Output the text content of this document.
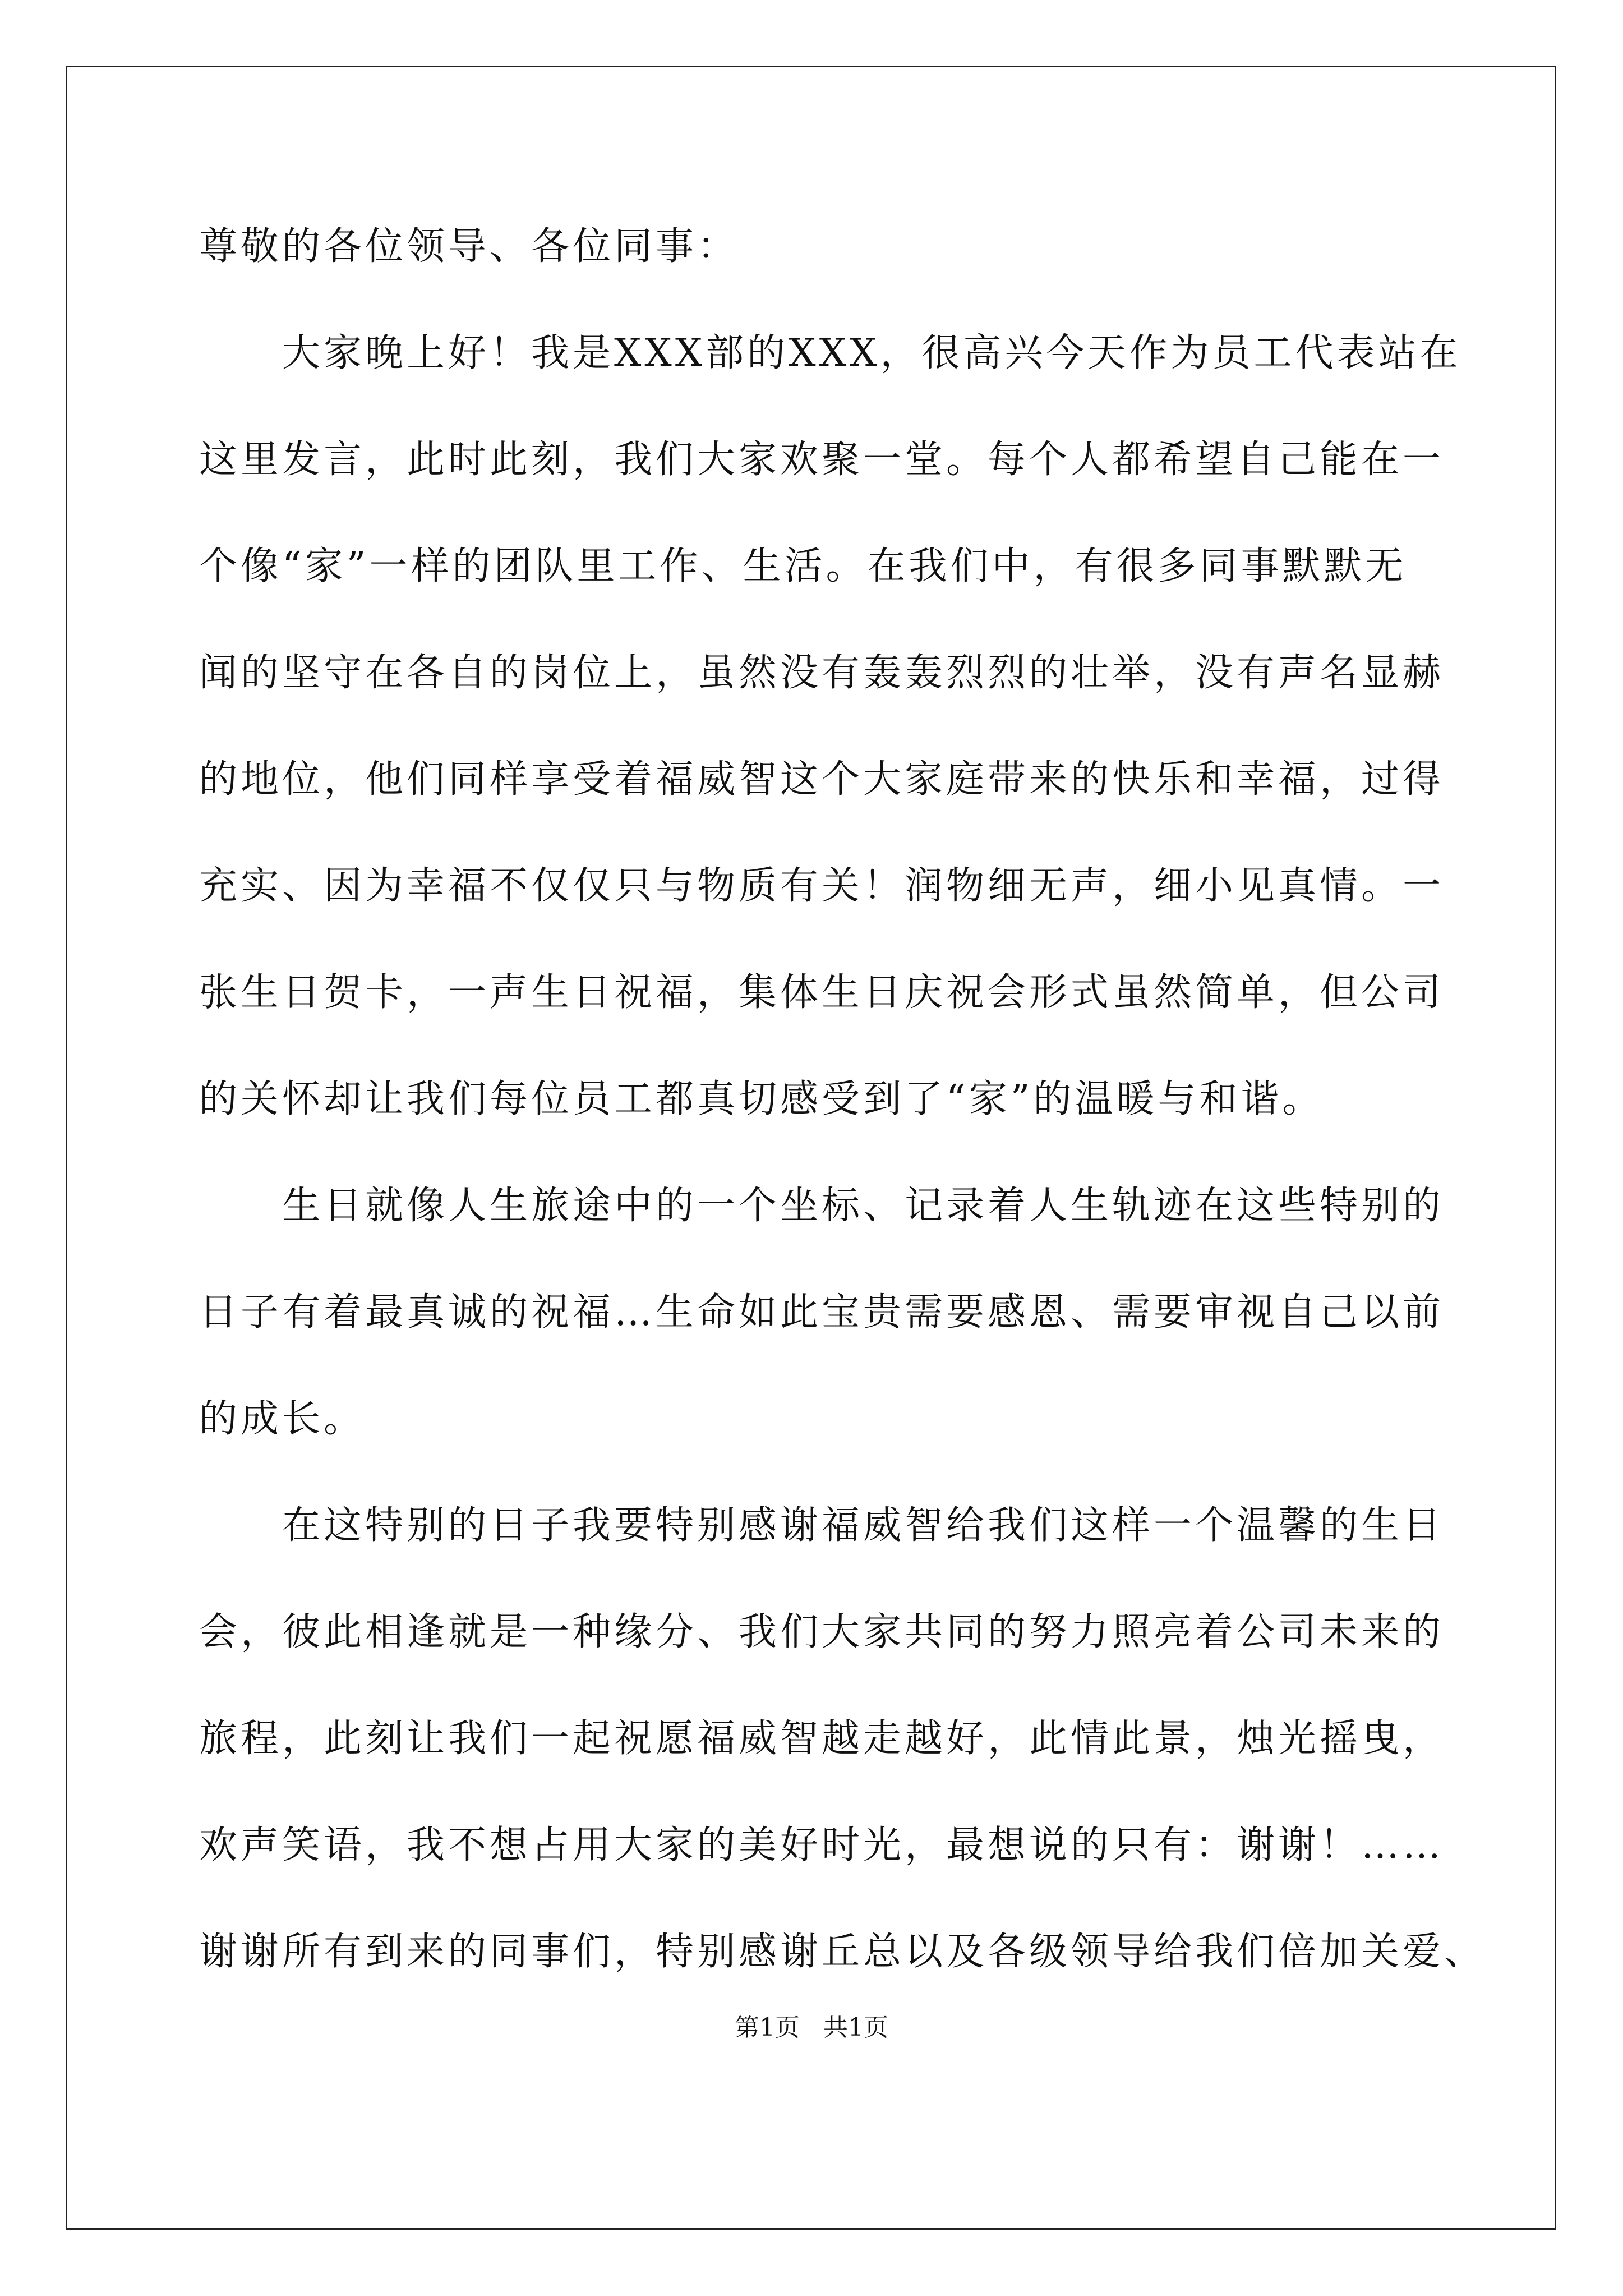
尊敬的各位领导、各位同事：
　　大家晚上好！我是XXX部的XXX，很高兴今天作为员工代表站在
这里发言，此时此刻，我们大家欢聚一堂。每个人都希望自己能在一
个像“家”一样的团队里工作、生活。在我们中，有很多同事默默无
闻的坚守在各自的岗位上，虽然没有轰轰烈烈的壮举，没有声名显赫
的地位，他们同样享受着福威智这个大家庭带来的快乐和幸福，过得
充实、因为幸福不仅仅只与物质有关！润物细无声，细小见真情。一
张生日贺卡，一声生日祝福，集体生日庆祝会形式虽然简单，但公司
的关怀却让我们每位员工都真切感受到了“家”的温暖与和谐。
　　生日就像人生旅途中的一个坐标、记录着人生轨迹在这些特别的
日子有着最真诚的祝福…生命如此宝贵需要感恩、需要审视自己以前
的成长。
　　在这特别的日子我要特别感谢福威智给我们这样一个温馨的生日
会，彼此相逢就是一种缘分、我们大家共同的努力照亮着公司未来的
旅程，此刻让我们一起祝愿福威智越走越好，此情此景，烛光摇曳，
欢声笑语，我不想占用大家的美好时光，最想说的只有：谢谢！……
谢谢所有到来的同事们，特别感谢丘总以及各级领导给我们倍加关爱、
第1页   共1页
